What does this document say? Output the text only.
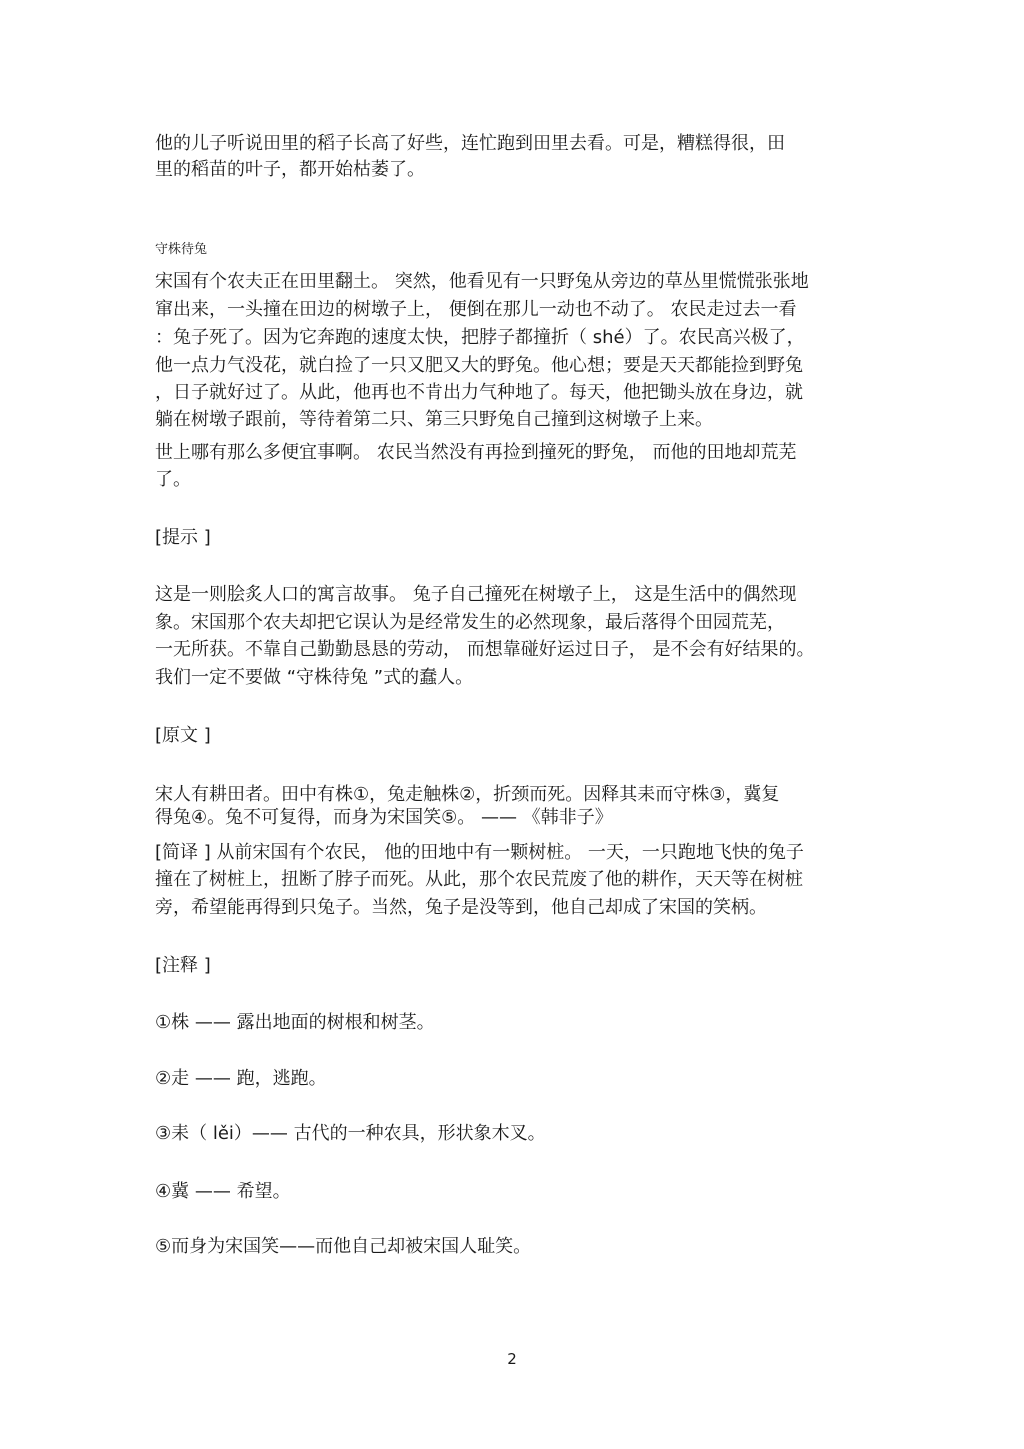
他的儿子听说田里的稻子长高了好些，连忙跑到田里去看。可是，糟糕得很，田
里的稻苗的叶子，都开始枯萎了。
守株待兔
宋国有个农夫正在田里翻土。 突然，他看见有一只野兔从旁边的草丛里慌慌张张地
窜出来，一头撞在田边的树墩子上， 便倒在那儿一动也不动了。 农民走过去一看
：兔子死了。因为它奔跑的速度太快，把脖子都撞折（ shé）了。农民高兴极了，
他一点力气没花，就白捡了一只又肥又大的野兔。他心想；要是天天都能捡到野兔
，日子就好过了。从此，他再也不肯出力气种地了。每天，他把锄头放在身边，就
躺在树墩子跟前，等待着第二只、第三只野兔自己撞到这树墩子上来。
世上哪有那么多便宜事啊。 农民当然没有再捡到撞死的野兔， 而他的田地却荒芜
了。
[提示 ]
这是一则脍炙人口的寓言故事。 兔子自己撞死在树墩子上， 这是生活中的偶然现
象。宋国那个农夫却把它误认为是经常发生的必然现象，最后落得个田园荒芜，
一无所获。不靠自己勤勤恳恳的劳动， 而想靠碰好运过日子， 是不会有好结果的。
我们一定不要做 “守株待兔 ”式的蠢人。
[原文 ]
宋人有耕田者。田中有株①，兔走触株②，折颈而死。因释其耒而守株③，冀复
得兔④。兔不可复得，而身为宋国笑⑤。 —— 《韩非子》
[简译 ] 从前宋国有个农民， 他的田地中有一颗树桩。 一天，一只跑地飞快的兔子
撞在了树桩上，扭断了脖子而死。从此，那个农民荒废了他的耕作，天天等在树桩
旁，希望能再得到只兔子。当然，兔子是没等到，他自己却成了宋国的笑柄。
[注释 ]
①株 —— 露出地面的树根和树茎。
②走 —— 跑，逃跑。
③耒（ lěi）—— 古代的一种农具，形状象木叉。
④冀 —— 希望。
⑤而身为宋国笑——而他自己却被宋国人耻笑。
2
